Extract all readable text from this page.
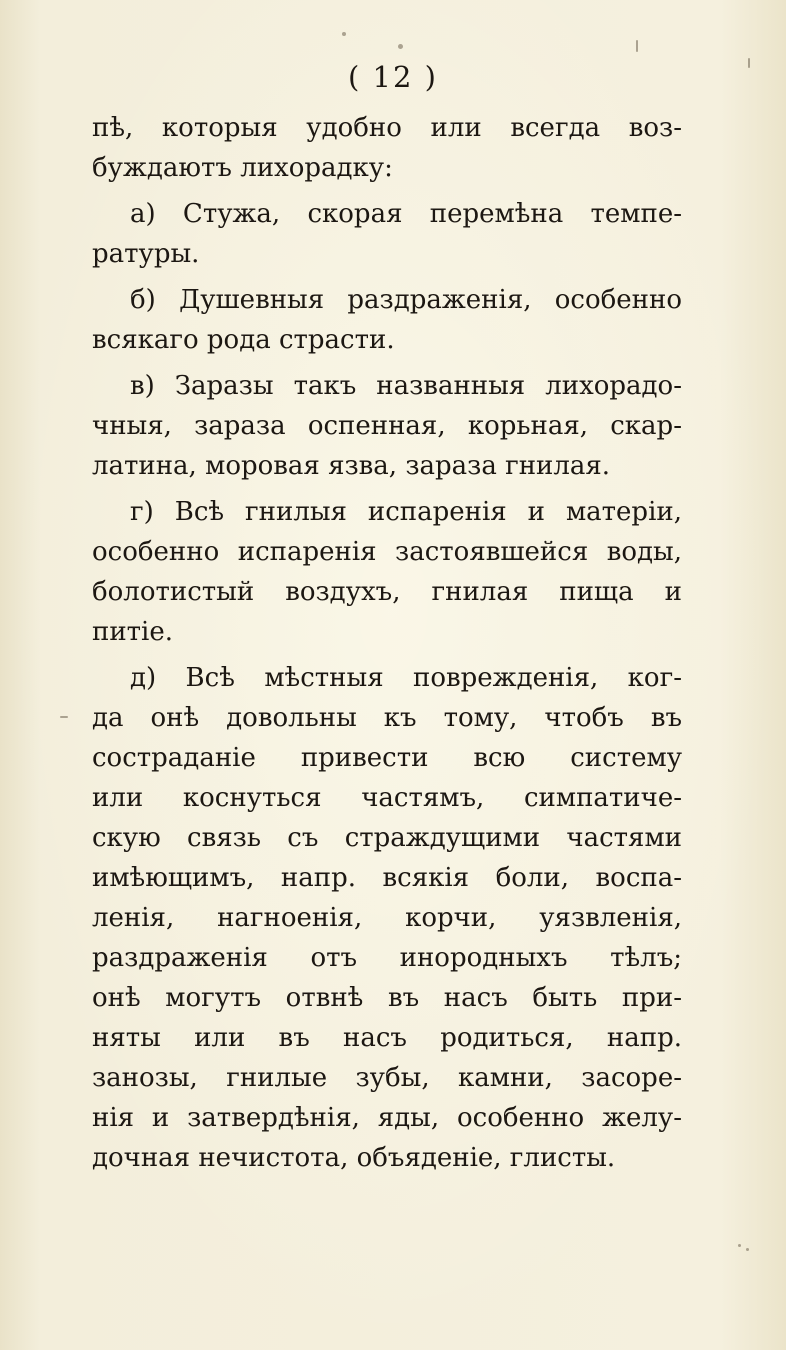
( 12 )
пѣ, которыя удобно или всегда воз-
буждаютъ лихорадку:
а) Стужа, скорая перемѣна темпе-
ратуры.
б) Душевныя раздраженія, особенно
всякаго рода страсти.
в) Заразы такъ названныя лихорадо-
чныя, зараза оспенная, корьная, скар-
латина, моровая язва, зараза гнилая.
г) Всѣ гнилыя испаренія и матеріи,
особенно испаренія застоявшейся воды,
болотистый воздухъ, гнилая пища и
питіе.
д) Всѣ мѣстныя поврежденія, ког-
да онѣ довольны къ тому, чтобъ въ
состраданіе привести всю систему
или коснуться частямъ, симпатиче-
скую связь съ страждущими частями
имѣющимъ, напр. всякія боли, воспа-
ленія, нагноенія, корчи, уязвленія,
раздраженія отъ инородныхъ тѣлъ;
онѣ могутъ отвнѣ въ насъ быть при-
няты или въ насъ родиться, напр.
занозы, гнилые зубы, камни, засоре-
нія и затвердѣнія, яды, особенно желу-
дочная нечистота, объяденіе, глисты.
